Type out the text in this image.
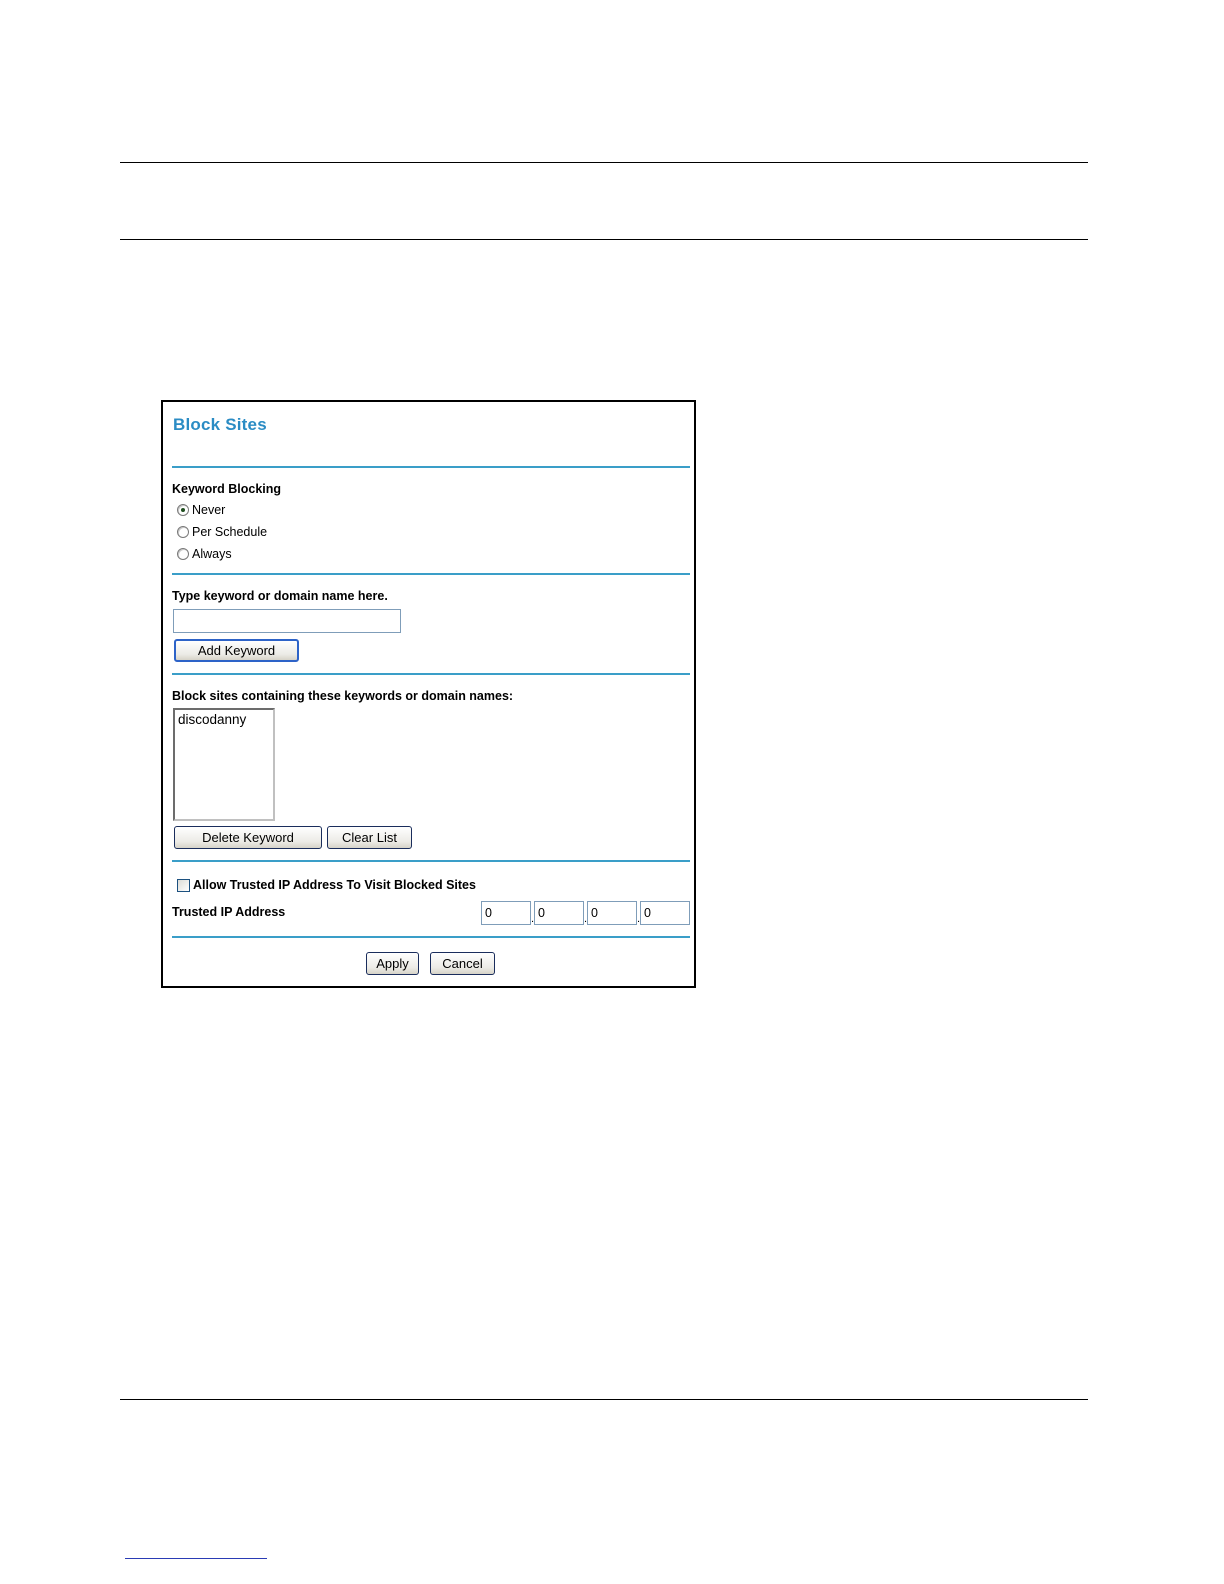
Block Sites
Keyword Blocking
Never
Per Schedule
Always
Type keyword or domain name here.
Add Keyword
Block sites containing these keywords or domain names:
discodanny
Delete Keyword	Clear List
Allow Trusted IP Address To Visit Blocked Sites
Trusted IP Address
0	.
0	.
0	.
0
Apply	Cancel
